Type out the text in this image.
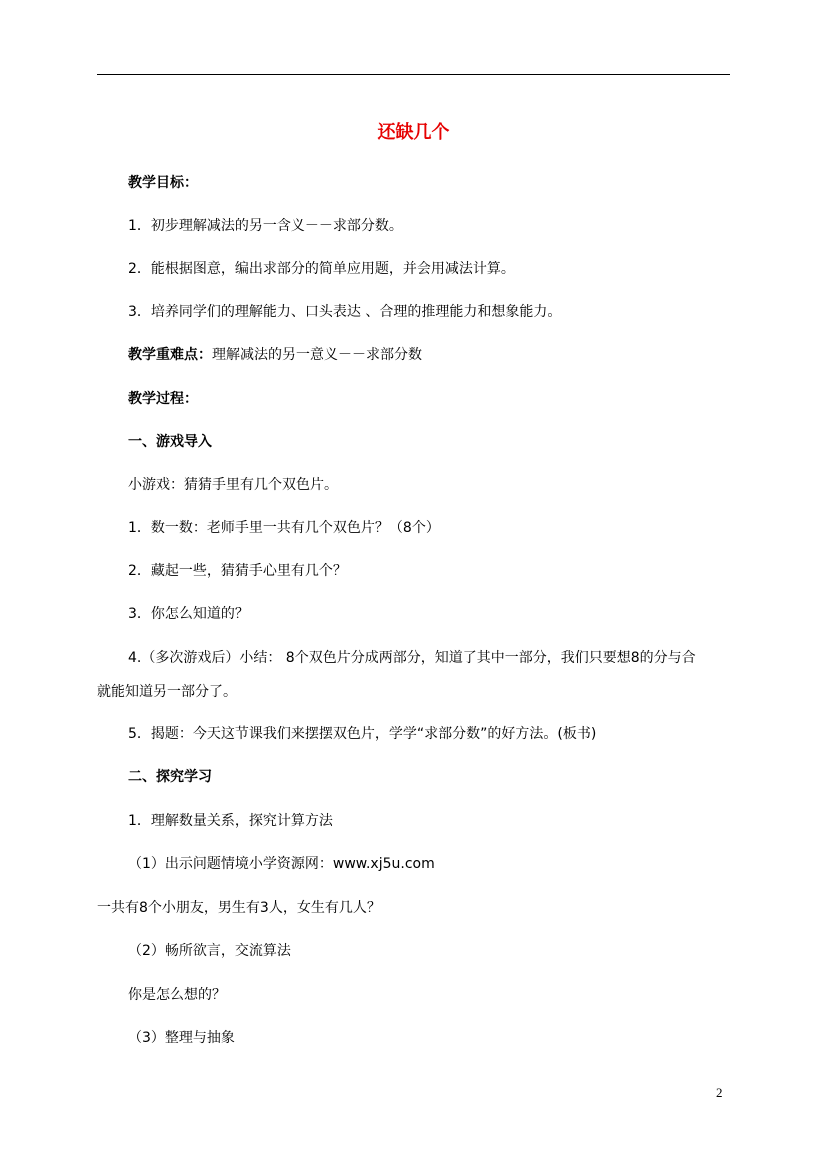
还缺几个
教学目标：
1．初步理解减法的另一含义－－求部分数。
2．能根据图意，编出求部分的简单应用题，并会用减法计算。
3．培养同学们的理解能力、口头表达 、合理的推理能力和想象能力。
教学重难点：理解减法的另一意义－－求部分数
教学过程：
一、游戏导入
小游戏：猜猜手里有几个双色片。
1．数一数：老师手里一共有几个双色片？（8个）
2．藏起一些，猜猜手心里有几个？
3．你怎么知道的？
4.（多次游戏后）小结： 8个双色片分成两部分，知道了其中一部分，我们只要想8的分与合
就能知道另一部分了。
5．揭题：今天这节课我们来摆摆双色片，学学“求部分数”的好方法。(板书)
二、探究学习
1．理解数量关系，探究计算方法
（1）出示问题情境小学资源网：www.xj5u.com
一共有8个小朋友，男生有3人，女生有几人？
（2）畅所欲言，交流算法
你是怎么想的？
（3）整理与抽象
2
